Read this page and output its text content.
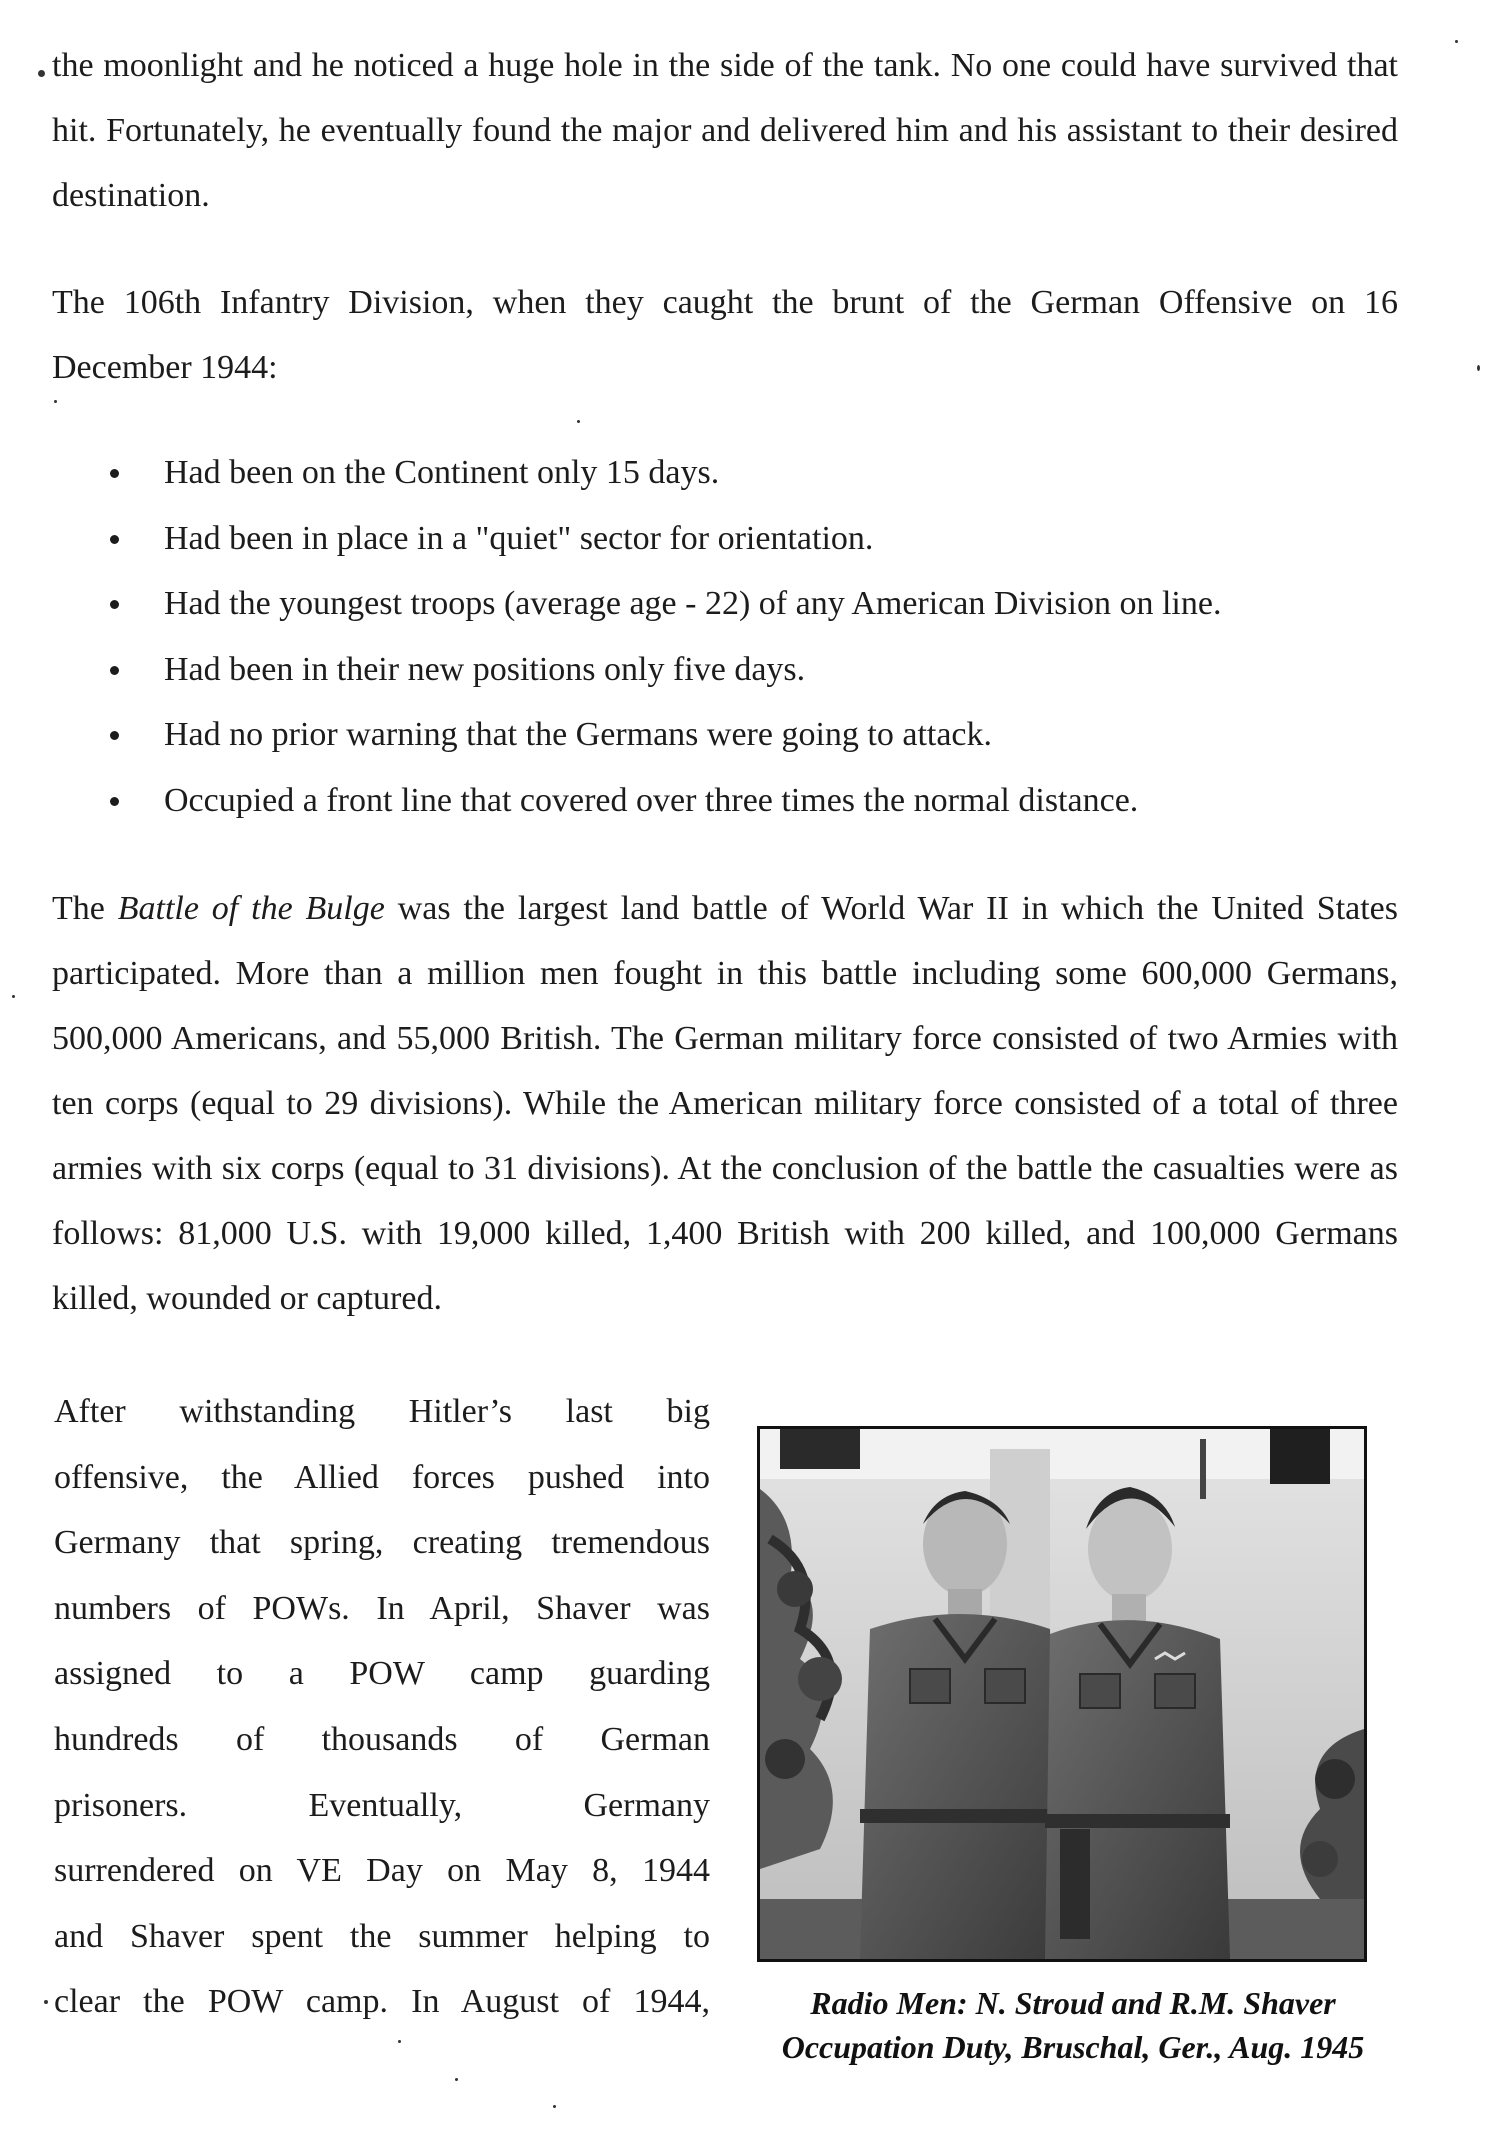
the moonlight and he noticed a huge hole in the side of the tank. No one could have survived that hit. Fortunately, he eventually found the major and delivered him and his assistant to their desired destination.

The 106th Infantry Division, when they caught the brunt of the German Offensive on 16 December 1944:

Had been on the Continent only 15 days.
Had been in place in a "quiet" sector for orientation.
Had the youngest troops (average age - 22) of any American Division on line.
Had been in their new positions only five days.
Had no prior warning that the Germans were going to attack.
Occupied a front line that covered over three times the normal distance.

The Battle of the Bulge was the largest land battle of World War II in which the United States participated. More than a million men fought in this battle including some 600,000 Germans, 500,000 Americans, and 55,000 British. The German military force consisted of two Armies with ten corps (equal to 29 divisions). While the American military force consisted of a total of three armies with six corps (equal to 31 divisions). At the conclusion of the battle the casualties were as follows: 81,000 U.S. with 19,000 killed, 1,400 British with 200 killed, and 100,000 Germans killed, wounded or captured.

After withstanding Hitler’s last big
offensive, the Allied forces pushed into
Germany that spring, creating tremendous
numbers of POWs. In April, Shaver was
assigned to a POW camp guarding
hundreds of thousands of German
prisoners. Eventually, Germany
surrendered on VE Day on May 8, 1944
and Shaver spent the summer helping to
clear the POW camp. In August of 1944,	Radio Men: N. Stroud and R.M. Shaver
Occupation Duty, Bruschal, Ger., Aug. 1945
